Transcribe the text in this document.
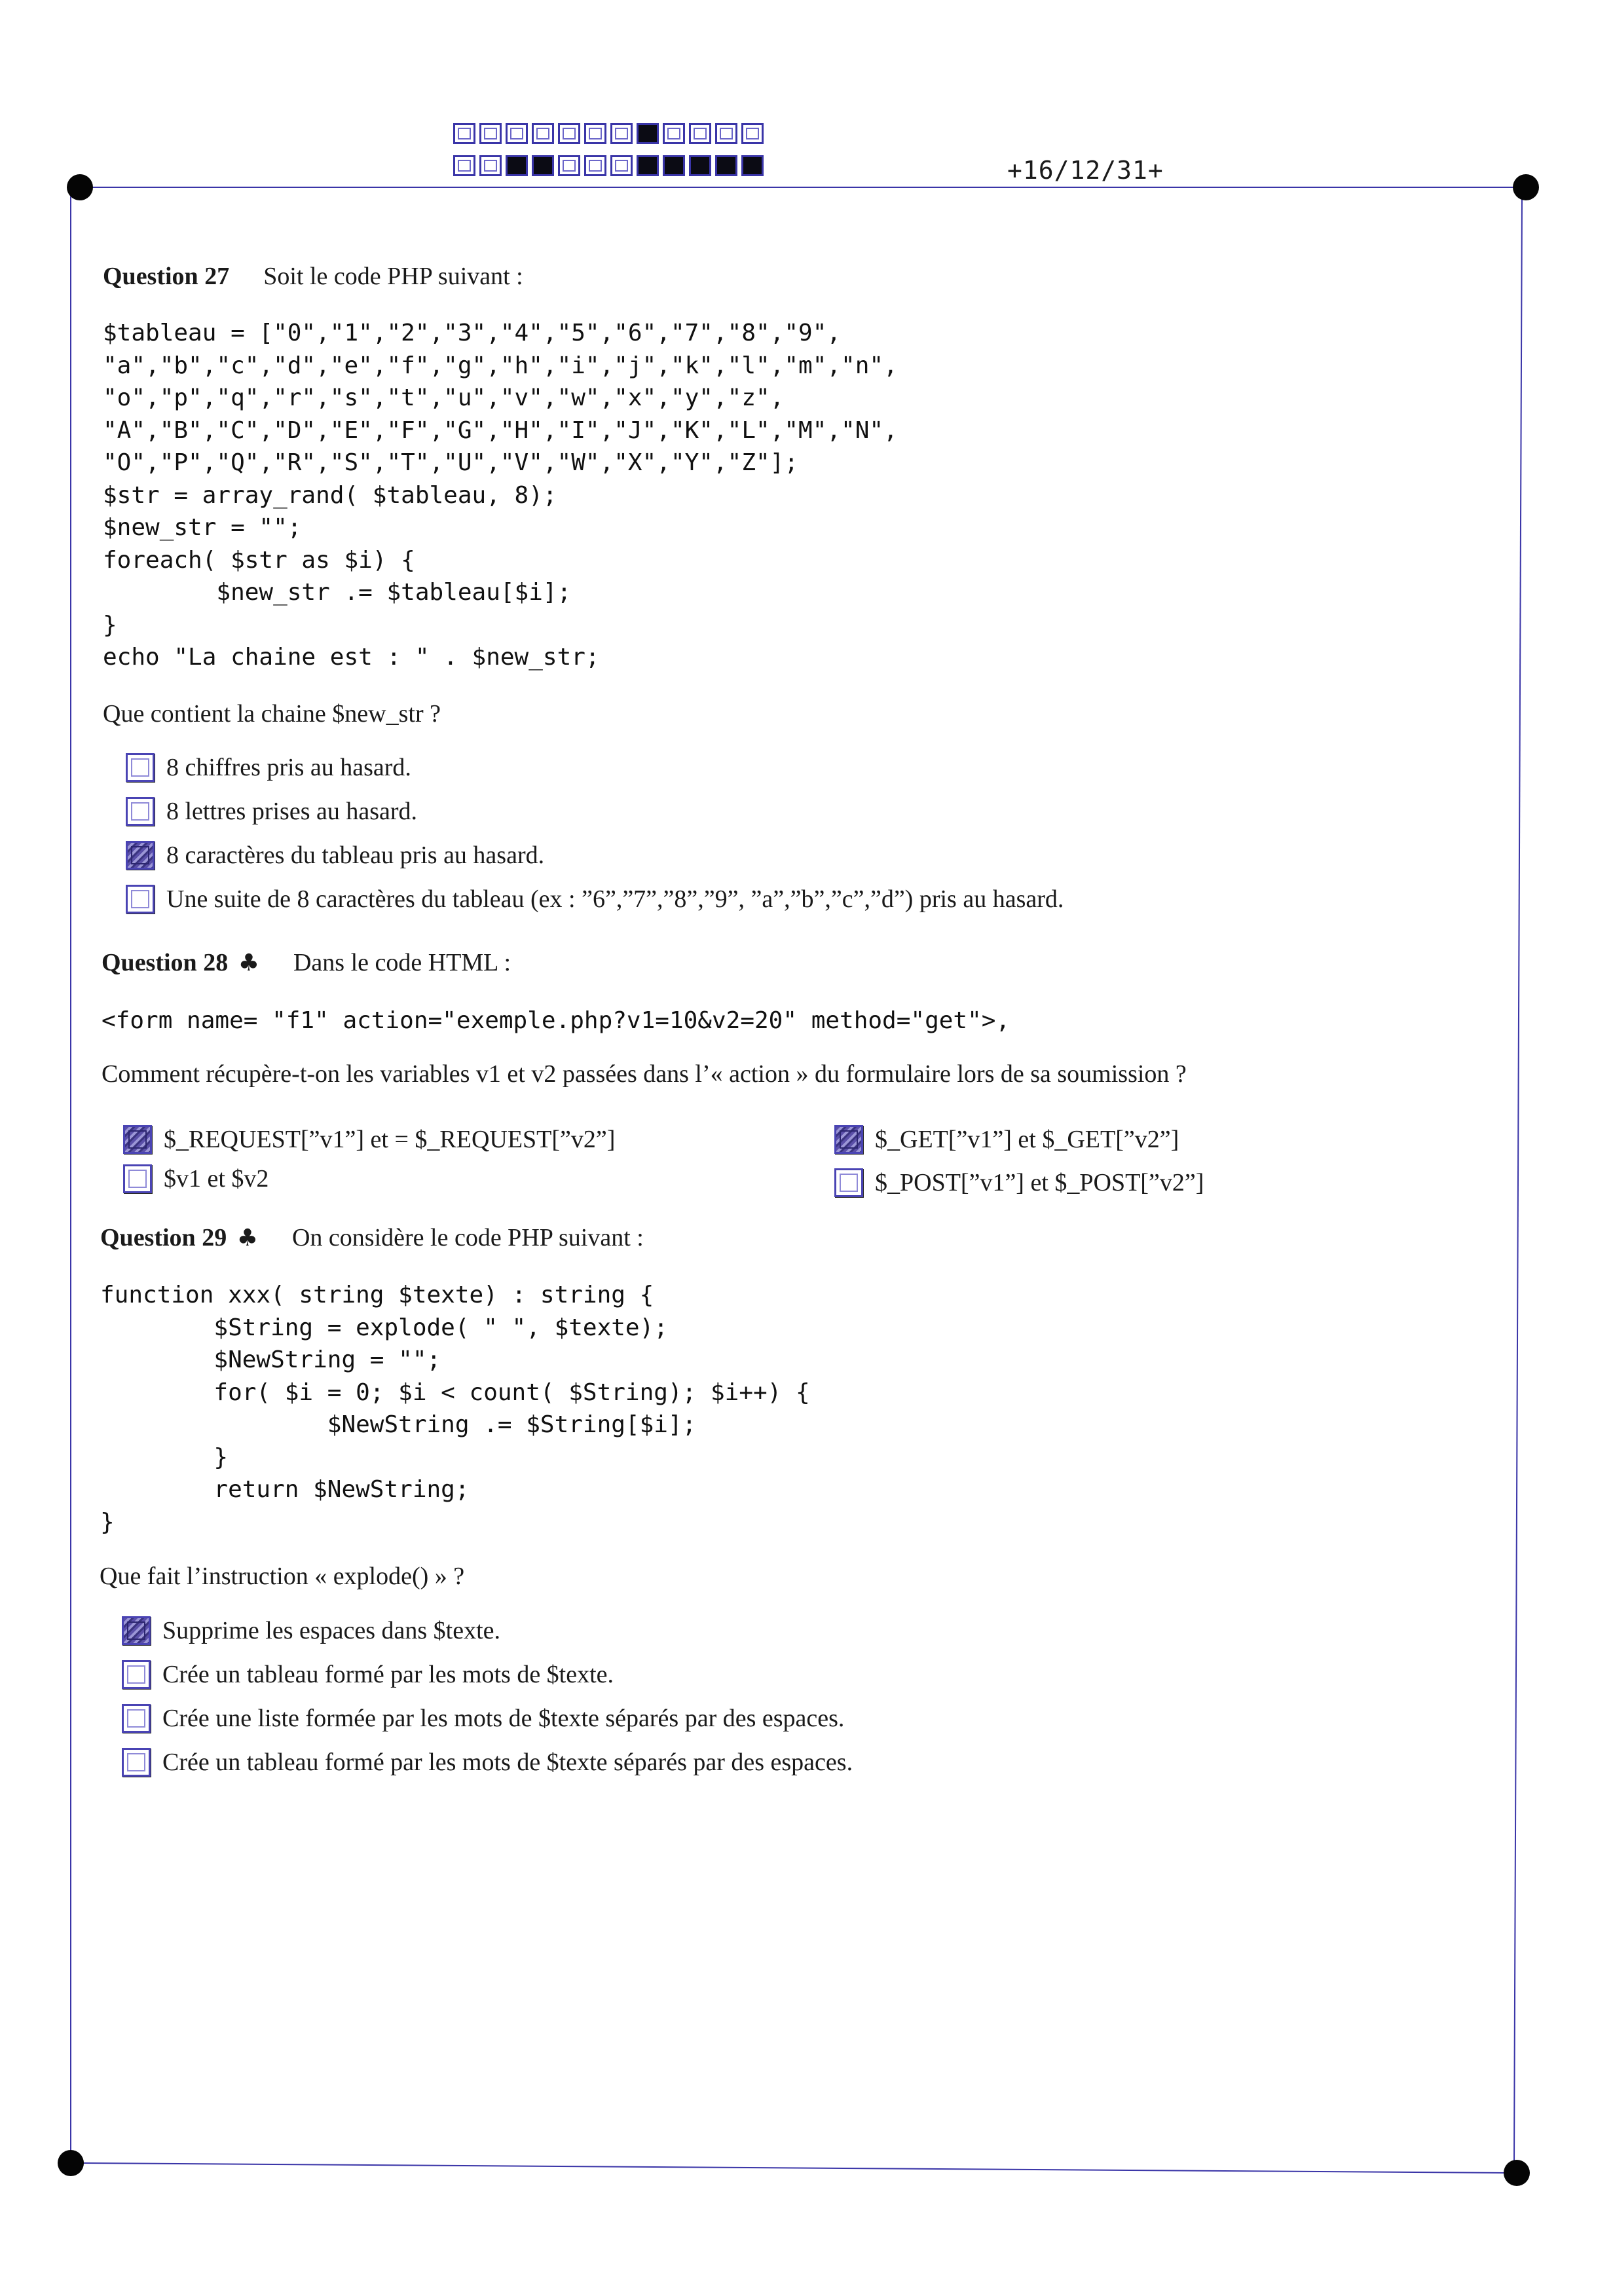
+16/12/31+
Question 27 Soit le code PHP suivant :
$tableau = ["0","1","2","3","4","5","6","7","8","9",
"a","b","c","d","e","f","g","h","i","j","k","l","m","n",
"o","p","q","r","s","t","u","v","w","x","y","z",
"A","B","C","D","E","F","G","H","I","J","K","L","M","N",
"O","P","Q","R","S","T","U","V","W","X","Y","Z"];
$str = array_rand( $tableau, 8);
$new_str = "";
foreach( $str as $i) {
$new_str .= $tableau[$i];
}
echo "La chaine est : " . $new_str;
Que contient la chaine $new_str ?
8 chiffres pris au hasard.
8 lettres prises au hasard.
8 caractères du tableau pris au hasard.
Une suite de 8 caractères du tableau (ex : ”6”,”7”,”8”,”9”, ”a”,”b”,”c”,”d”) pris au hasard.
Question 28 ♣ Dans le code HTML :
<form name= "f1" action="exemple.php?v1=10&v2=20" method="get">,
Comment récupère-t-on les variables v1 et v2 passées dans l’« action » du formulaire lors de sa soumission ?
$_REQUEST[”v1”] et = $_REQUEST[”v2”]	$_GET[”v1”] et $_GET[”v2”]
$v1 et $v2	$_POST[”v1”] et $_POST[”v2”]
Question 29 ♣ On considère le code PHP suivant :
function xxx( string $texte) : string {
$String = explode( " ", $texte);
$NewString = "";
for( $i = 0; $i < count( $String); $i++) {
$NewString .= $String[$i];
}
return $NewString;
}
Que fait l’instruction « explode() » ?
Supprime les espaces dans $texte.
Crée un tableau formé par les mots de $texte.
Crée une liste formée par les mots de $texte séparés par des espaces.
Crée un tableau formé par les mots de $texte séparés par des espaces.
